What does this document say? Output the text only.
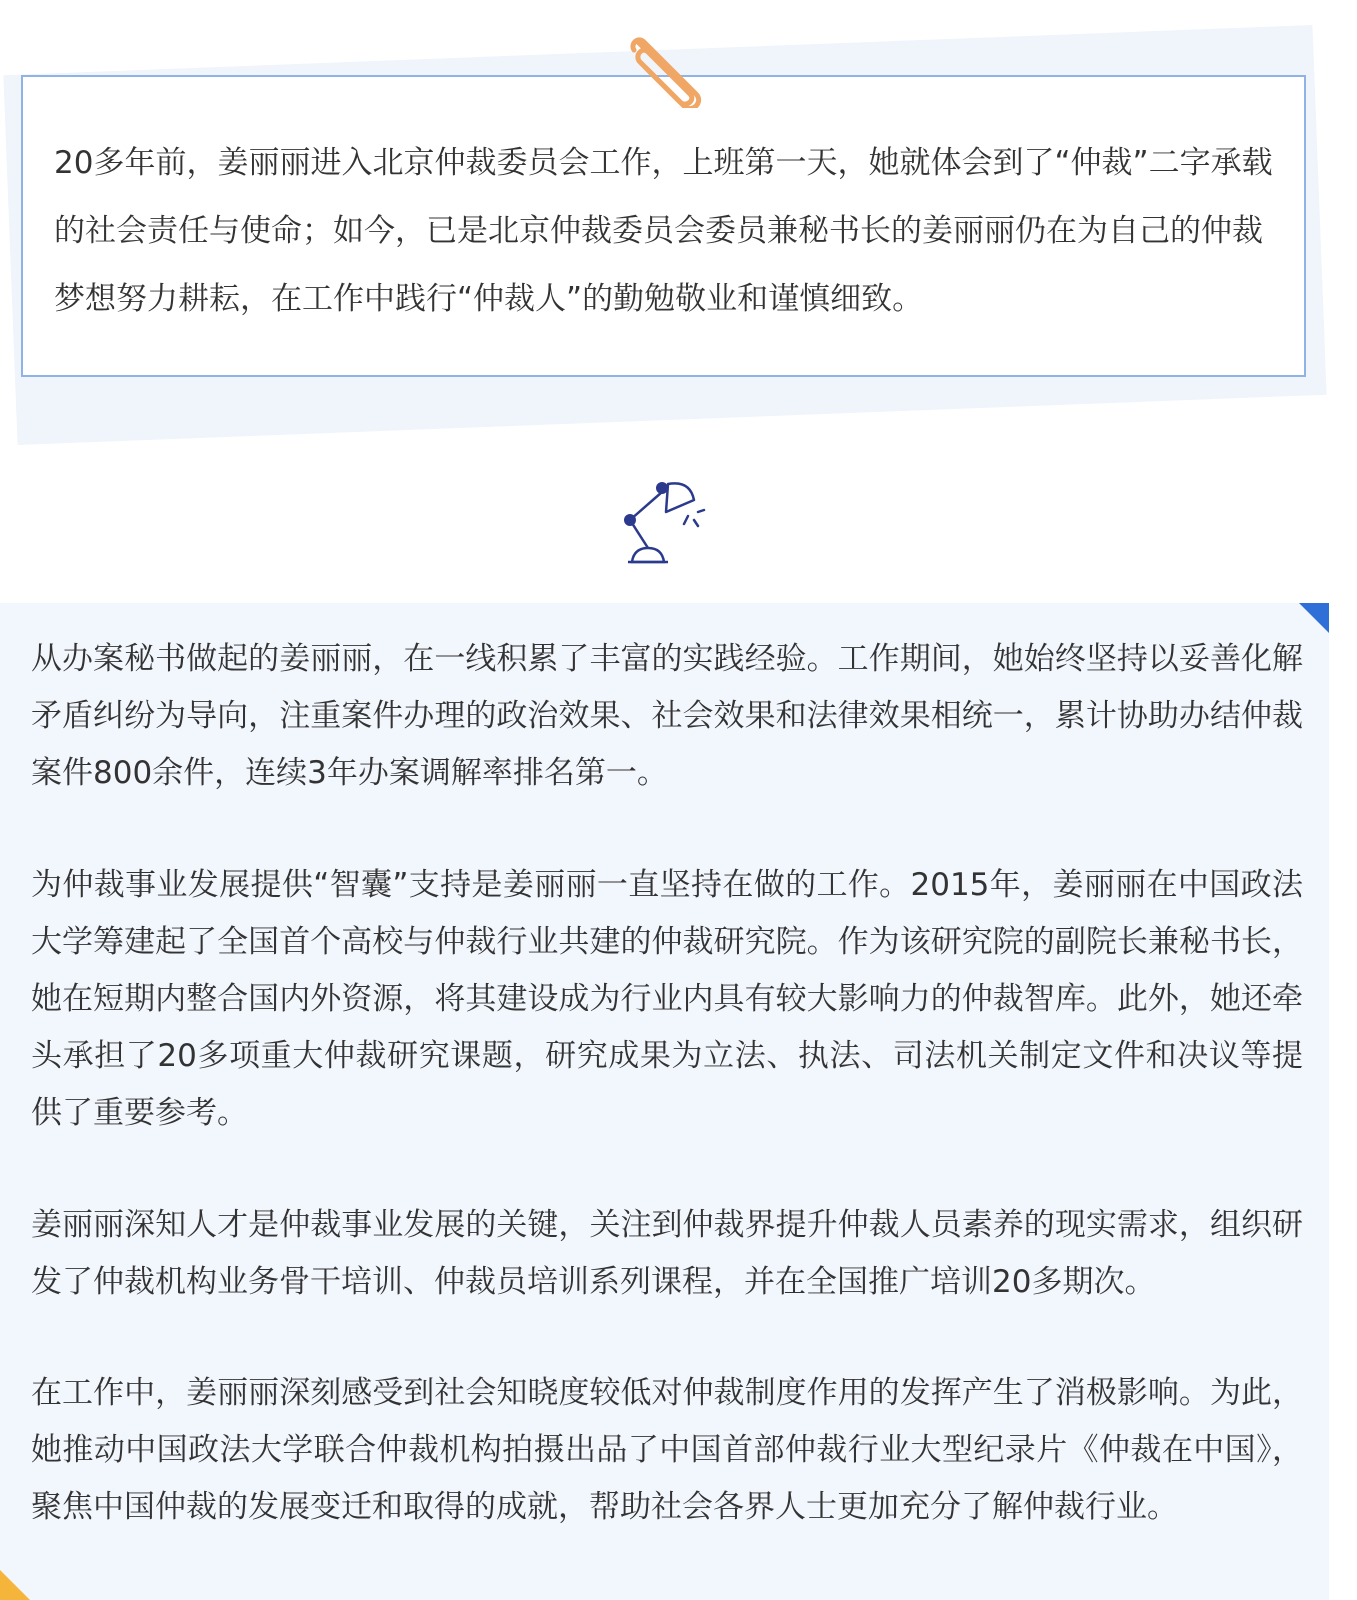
20多年前，姜丽丽进入北京仲裁委员会工作，上班第一天，她就体会到了“仲裁”二字承载的社会责任与使命；如今，已是北京仲裁委员会委员兼秘书长的姜丽丽仍在为自己的仲裁梦想努力耕耘，在工作中践行“仲裁人”的勤勉敬业和谨慎细致。

从办案秘书做起的姜丽丽，在一线积累了丰富的实践经验。工作期间，她始终坚持以妥善化解矛盾纠纷为导向，注重案件办理的政治效果、社会效果和法律效果相统一，累计协助办结仲裁案件800余件，连续3年办案调解率排名第一。

为仲裁事业发展提供“智囊”支持是姜丽丽一直坚持在做的工作。2015年，姜丽丽在中国政法大学筹建起了全国首个高校与仲裁行业共建的仲裁研究院。作为该研究院的副院长兼秘书长，她在短期内整合国内外资源，将其建设成为行业内具有较大影响力的仲裁智库。此外，她还牵头承担了20多项重大仲裁研究课题，研究成果为立法、执法、司法机关制定文件和决议等提供了重要参考。

姜丽丽深知人才是仲裁事业发展的关键，关注到仲裁界提升仲裁人员素养的现实需求，组织研发了仲裁机构业务骨干培训、仲裁员培训系列课程，并在全国推广培训20多期次。

在工作中，姜丽丽深刻感受到社会知晓度较低对仲裁制度作用的发挥产生了消极影响。为此，她推动中国政法大学联合仲裁机构拍摄出品了中国首部仲裁行业大型纪录片《仲裁在中国》，聚焦中国仲裁的发展变迁和取得的成就，帮助社会各界人士更加充分了解仲裁行业。
